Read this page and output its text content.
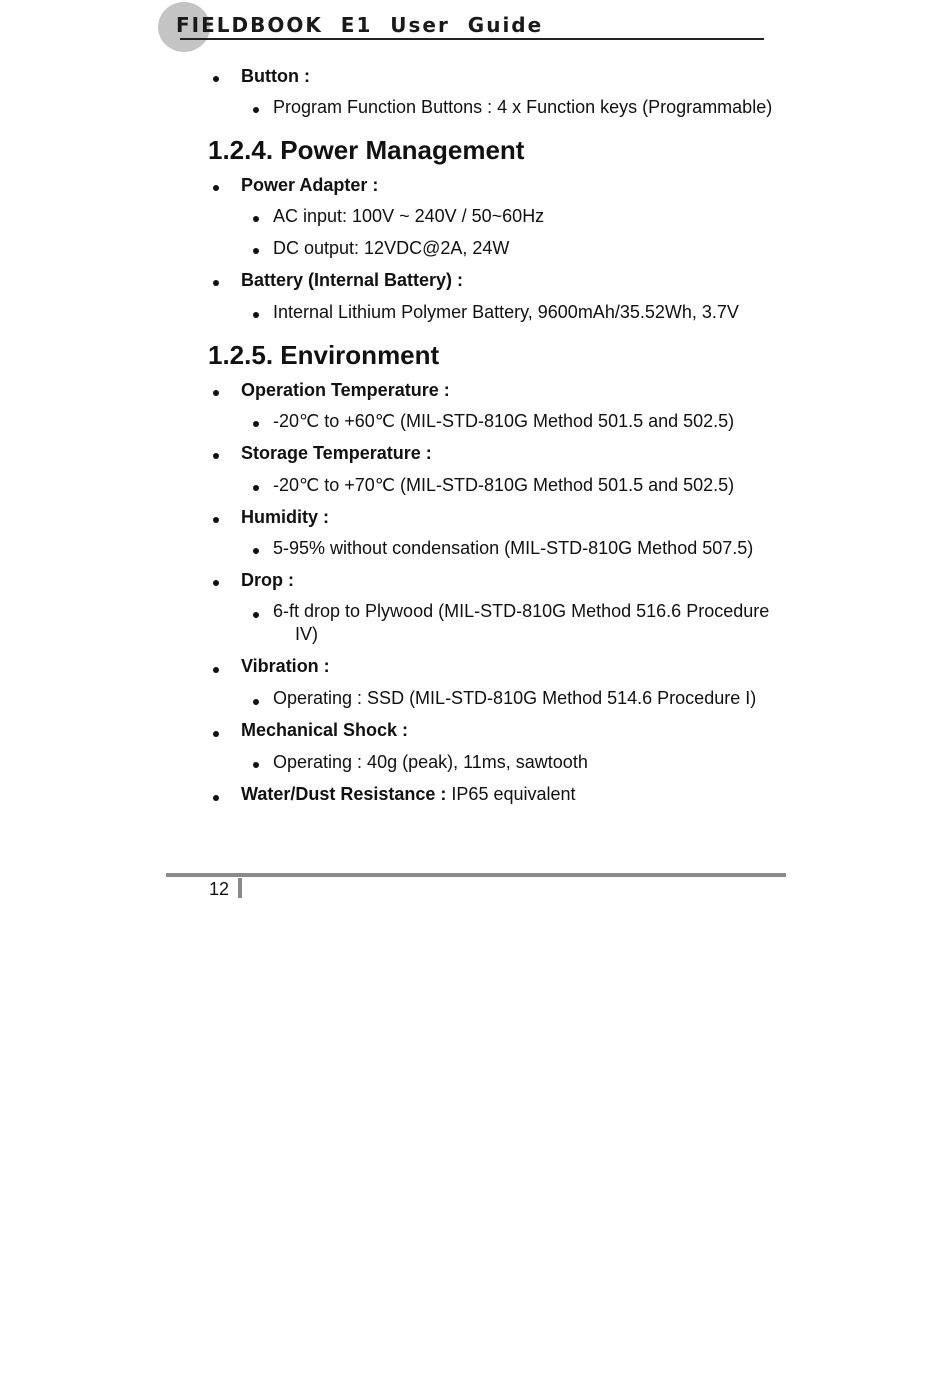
FIELDBOOK  E1  User  Guide
Button :
Program Function Buttons : 4 x Function keys (Programmable)
1.2.4. Power Management
Power Adapter :
AC input: 100V ~ 240V / 50~60Hz
DC output: 12VDC@2A, 24W
Battery (Internal Battery) :
Internal Lithium Polymer Battery, 9600mAh/35.52Wh, 3.7V
1.2.5. Environment
Operation Temperature :
-20℃ to +60℃ (MIL-STD-810G Method 501.5 and 502.5)
Storage Temperature :
-20℃ to +70℃ (MIL-STD-810G Method 501.5 and 502.5)
Humidity :
5-95% without condensation (MIL-STD-810G Method 507.5)
Drop :
6-ft drop to Plywood (MIL-STD-810G Method 516.6 Procedure
IV)
Vibration :
Operating : SSD (MIL-STD-810G Method 514.6 Procedure I)
Mechanical Shock :
Operating : 40g (peak), 11ms, sawtooth
Water/Dust Resistance : IP65 equivalent
12
